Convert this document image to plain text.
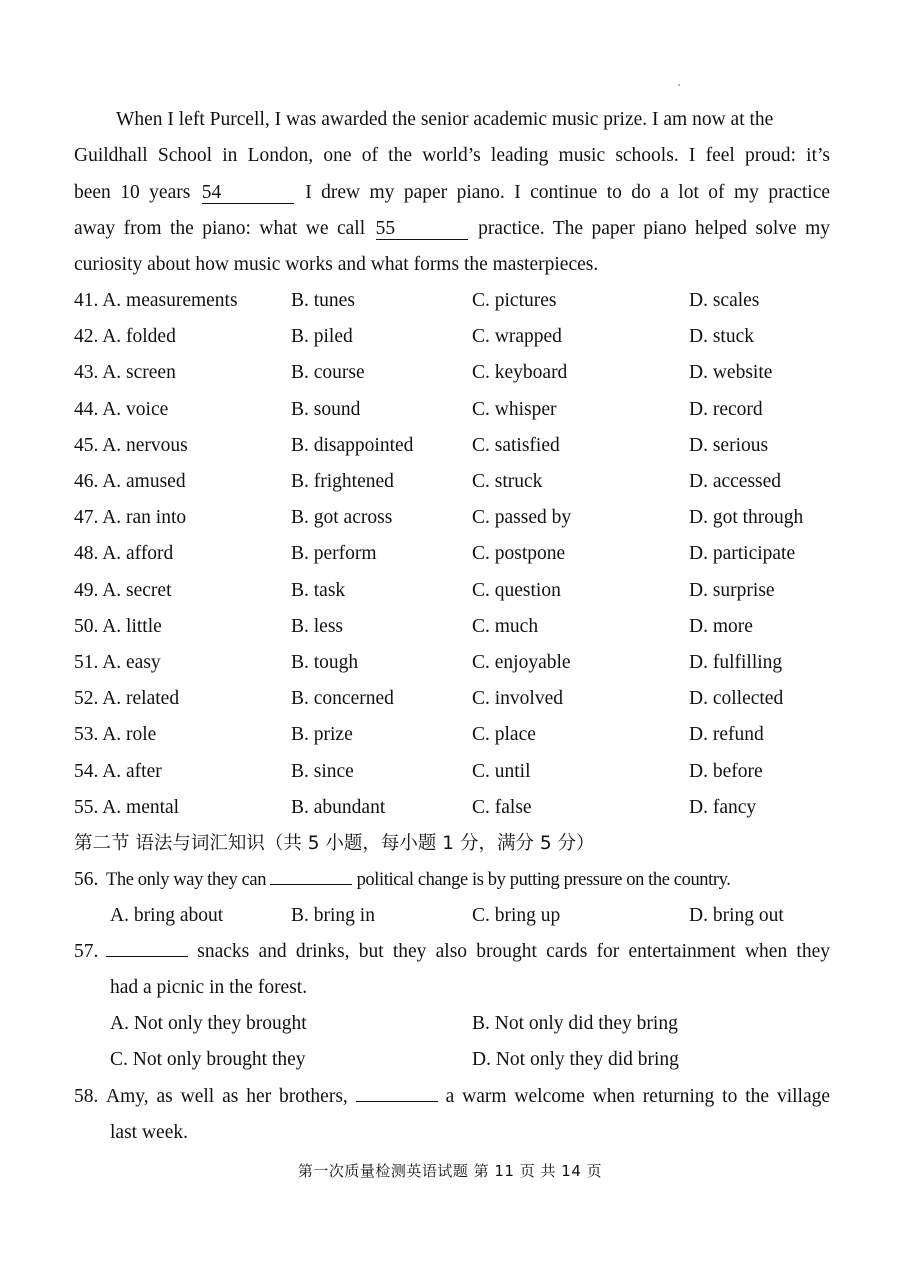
When I left Purcell, I was awarded the senior academic music prize. I am now at the
Guildhall School in London, one of the world’s leading music schools. I feel proud: it’s
been 10 years 54	I drew my paper piano. I continue to do a lot of my practice
away from the piano: what we call 55	practice. The paper piano helped solve my
curiosity about how music works and what forms the masterpieces.
41. A. measurements	B. tunes	C. pictures	D. scales
42. A. folded	B. piled	C. wrapped	D. stuck
43. A. screen	B. course	C. keyboard	D. website
44. A. voice	B. sound	C. whisper	D. record
45. A. nervous	B. disappointed	C. satisfied	D. serious
46. A. amused	B. frightened	C. struck	D. accessed
47. A. ran into	B. got across	C. passed by	D. got through
48. A. afford	B. perform	C. postpone	D. participate
49. A. secret	B. task	C. question	D. surprise
50. A. little	B. less	C. much	D. more
51. A. easy	B. tough	C. enjoyable	D. fulfilling
52. A. related	B. concerned	C. involved	D. collected
53. A. role	B. prize	C. place	D. refund
54. A. after	B. since	C. until	D. before
55. A. mental	B. abundant	C. false	D. fancy
第二节 语法与词汇知识（共 5 小题，每小题 1 分，满分 5 分）
56. The only way they can	political change is by putting pressure on the country.
A. bring about	B. bring in	C. bring up	D. bring out
57.	snacks and drinks, but they also brought cards for entertainment when they
had a picnic in the forest.
A. Not only they brought	B. Not only did they bring
C. Not only brought they	D. Not only they did bring
58. Amy, as well as her brothers,	a warm welcome when returning to the village
last week.
第一次质量检测英语试题 第 11 页 共 14 页
